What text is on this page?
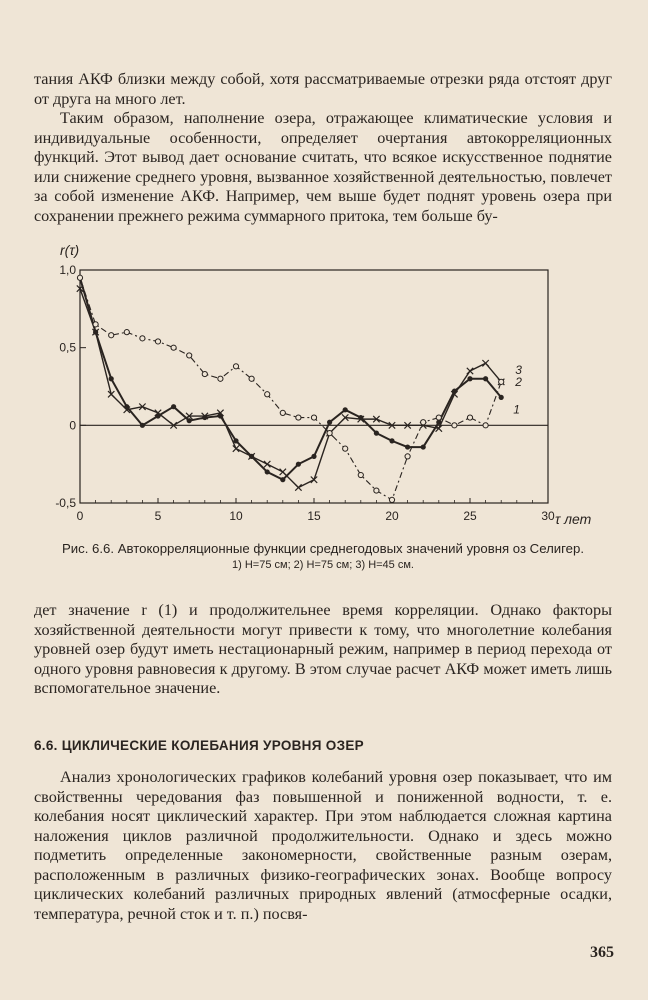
тания АКФ близки между собой, хотя рассматриваемые отрезки ряда отстоят друг от друга на много лет.

Таким образом, наполнение озера, отражающее климатические условия и индивидуальные особенности, определяет очертания автокорреляционных функций. Этот вывод дает основание считать, что всякое искусственное поднятие или снижение среднего уровня, вызванное хозяйственной деятельностью, повлечет за собой изменение АКФ. Например, чем выше будет поднят уровень озера при сохранении прежнего режима суммарного притока, тем больше бу-

0	5	10	15	20	25	30
1,0
0,5
0
-0,5
1
2
3
r(τ)
τ лет
Рис. 6.6. Автокорреляционные функции среднегодовых значений уровня оз Селигер.
1) H=75 см; 2) H=75 см; 3) H=45 см.

дет значение r (1) и продолжительнее время корреляции. Однако факторы хозяйственной деятельности могут привести к тому, что многолетние колебания уровней озер будут иметь нестационарный режим, например в период перехода от одного уровня равновесия к другому. В этом случае расчет АКФ может иметь лишь вспомогательное значение.

6.6. ЦИКЛИЧЕСКИЕ КОЛЕБАНИЯ УРОВНЯ ОЗЕР

Анализ хронологических графиков колебаний уровня озер показывает, что им свойственны чередования фаз повышенной и пониженной водности, т. е. колебания носят циклический характер. При этом наблюдается сложная картина наложения циклов различной продолжительности. Однако и здесь можно подметить определенные закономерности, свойственные разным озерам, расположенным в различных физико-географических зонах. Вообще вопросу циклических колебаний различных природных явлений (атмосферные осадки, температура, речной сток и т. п.) посвя-

365
